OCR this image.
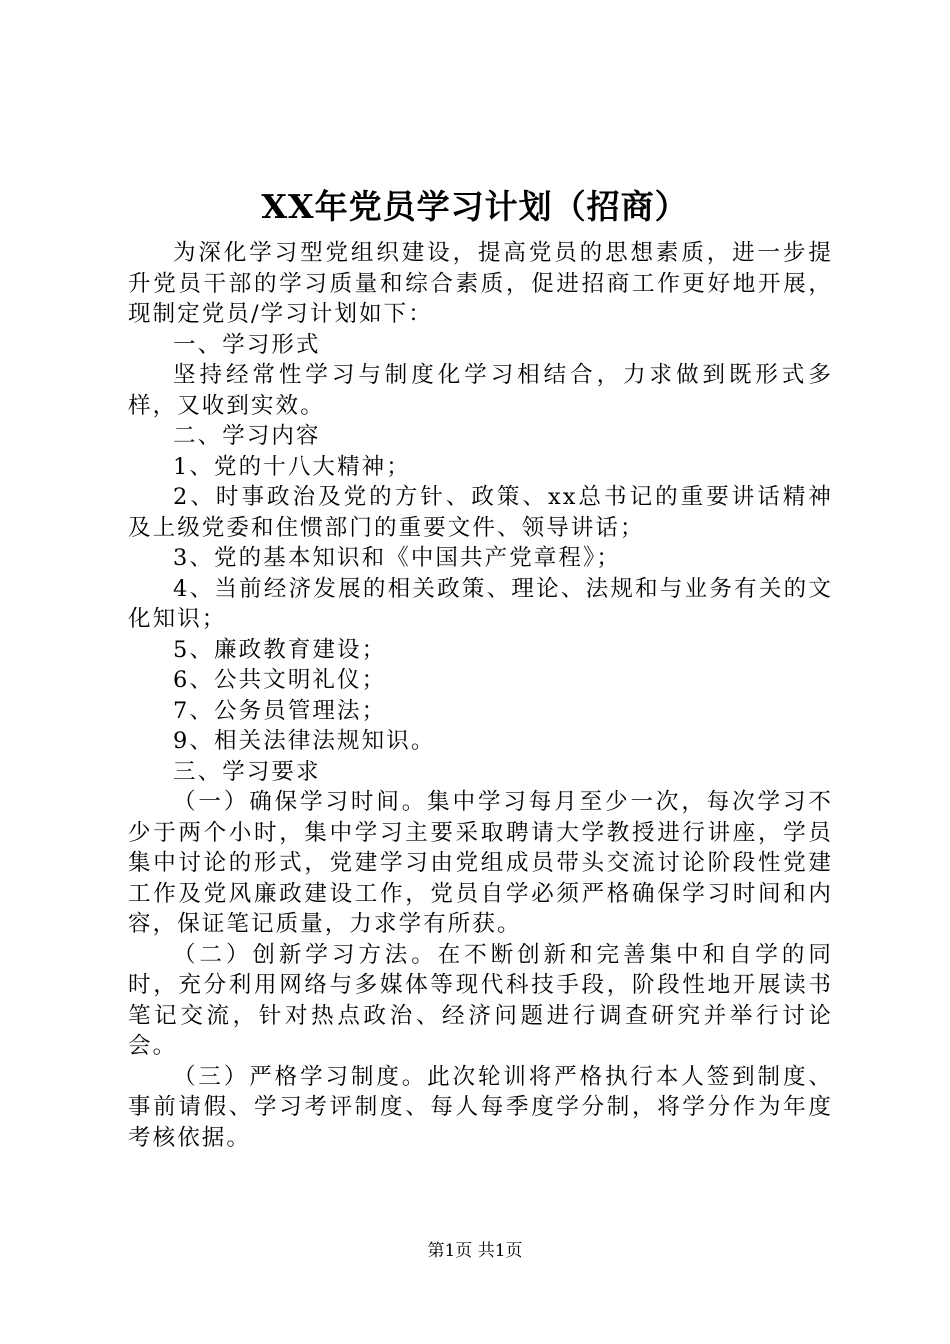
XX年党员学习计划（招商）

为深化学习型党组织建设，提高党员的思想素质，进一步提升党员干部的学习质量和综合素质，促进招商工作更好地开展，现制定党员/学习计划如下：

一、学习形式

坚持经常性学习与制度化学习相结合，力求做到既形式多样，又收到实效。

二、学习内容

1、党的十八大精神；

2、时事政治及党的方针、政策、xx总书记的重要讲话精神及上级党委和住惯部门的重要文件、领导讲话；

3、党的基本知识和《中国共产党章程》；

4、当前经济发展的相关政策、理论、法规和与业务有关的文化知识；

5、廉政教育建设；

6、公共文明礼仪；

7、公务员管理法；

9、相关法律法规知识。

三、学习要求

（一）确保学习时间。集中学习每月至少一次，每次学习不少于两个小时，集中学习主要采取聘请大学教授进行讲座，学员集中讨论的形式，党建学习由党组成员带头交流讨论阶段性党建工作及党风廉政建设工作，党员自学必须严格确保学习时间和内容，保证笔记质量，力求学有所获。

（二）创新学习方法。在不断创新和完善集中和自学的同时，充分利用网络与多媒体等现代科技手段，阶段性地开展读书笔记交流，针对热点政治、经济问题进行调查研究并举行讨论会。

（三）严格学习制度。此次轮训将严格执行本人签到制度、事前请假、学习考评制度、每人每季度学分制，将学分作为年度考核依据。

第1页 共1页
